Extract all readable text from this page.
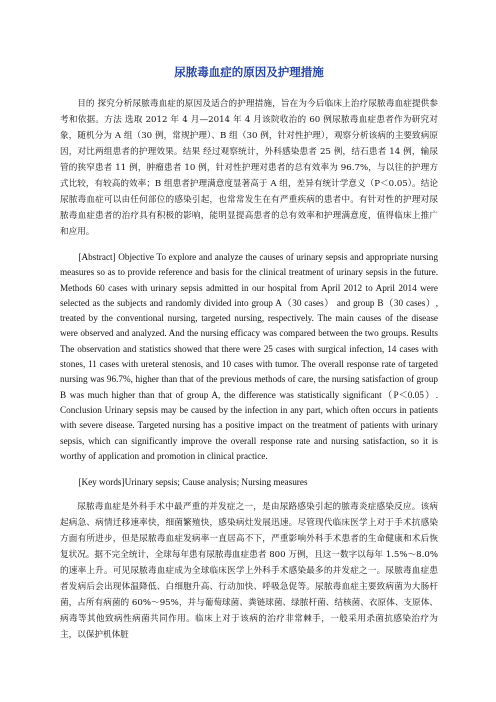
尿脓毒血症的原因及护理措施

目的 探究分析尿脓毒血症的原因及适合的护理措施，旨在为今后临床上治疗尿脓毒血症提供参考和依据。方法 选取 2012 年 4 月—2014 年 4 月该院收治的 60 例尿脓毒血症患者作为研究对象，随机分为 A 组（30 例，常规护理）、B 组（30 例，针对性护理），观察分析该病的主要致病原因，对比两组患者的护理效果。结果 经过观察统计，外科感染患者 25 例，结石患者 14 例，输尿管的狭窄患者 11 例，肿瘤患者 10 例，针对性护理对患者的总有效率为 96.7%，与以往的护理方式比较，有较高的效率；B 组患者护理满意度显著高于 A 组，差异有统计学意义（P＜0.05）。结论 尿脓毒血症可以由任何部位的感染引起，也常常发生在有严重疾病的患者中。有针对性的护理对尿脓毒血症患者的治疗具有积极的影响，能明显提高患者的总有效率和护理满意度，值得临床上推广和应用。

[Abstract] Objective To explore and analyze the causes of urinary sepsis and appropriate nursing measures so as to provide reference and basis for the clinical treatment of urinary sepsis in the future. Methods 60 cases with urinary sepsis admitted in our hospital from April 2012 to April 2014 were selected as the subjects and randomly divided into group A（30 cases） and group B（30 cases）, treated by the conventional nursing, targeted nursing, respectively. The main causes of the disease were observed and analyzed. And the nursing efficacy was compared between the two groups. Results The observation and statistics showed that there were 25 cases with surgical infection, 14 cases with stones, 11 cases with ureteral stenosis, and 10 cases with tumor. The overall response rate of targeted nursing was 96.7%, higher than that of the previous methods of care, the nursing satisfaction of group B was much higher than that of group A, the difference was statistically significant（P＜0.05）. Conclusion Urinary sepsis may be caused by the infection in any part, which often occurs in patients with severe disease. Targeted nursing has a positive impact on the treatment of patients with urinary sepsis, which can significantly improve the overall response rate and nursing satisfaction, so it is worthy of application and promotion in clinical practice.

[Key words]Urinary sepsis; Cause analysis; Nursing measures

尿脓毒血症是外科手术中最严重的并发症之一，是由尿路感染引起的脓毒炎症感染反应。该病起病急、病情迁移速率快，细菌繁殖快，感染病灶发展迅速。尽管现代临床医学上对于手术抗感染方面有所进步，但是尿脓毒血症发病率一直居高不下，严重影响外科手术患者的生命健康和术后恢复状况。据不完全统计，全球每年患有尿脓毒血症患者 800 万例，且这一数字以每年 1.5%～8.0%的速率上升。可见尿脓毒血症成为全球临床医学上外科手术感染最多的并发症之一。尿脓毒血症患者发病后会出现体温降低、白细胞升高、行动加快、呼吸急促等。尿脓毒血症主要致病菌为大肠杆菌，占所有病菌的 60%～95%，并与葡萄球菌、粪链球菌、绿脓杆菌、结核菌、衣原体、支原体、病毒等其他致病性病菌共同作用。临床上对于该病的治疗非常棘手，一般采用杀菌抗感染治疗为主，以保护机体脏
